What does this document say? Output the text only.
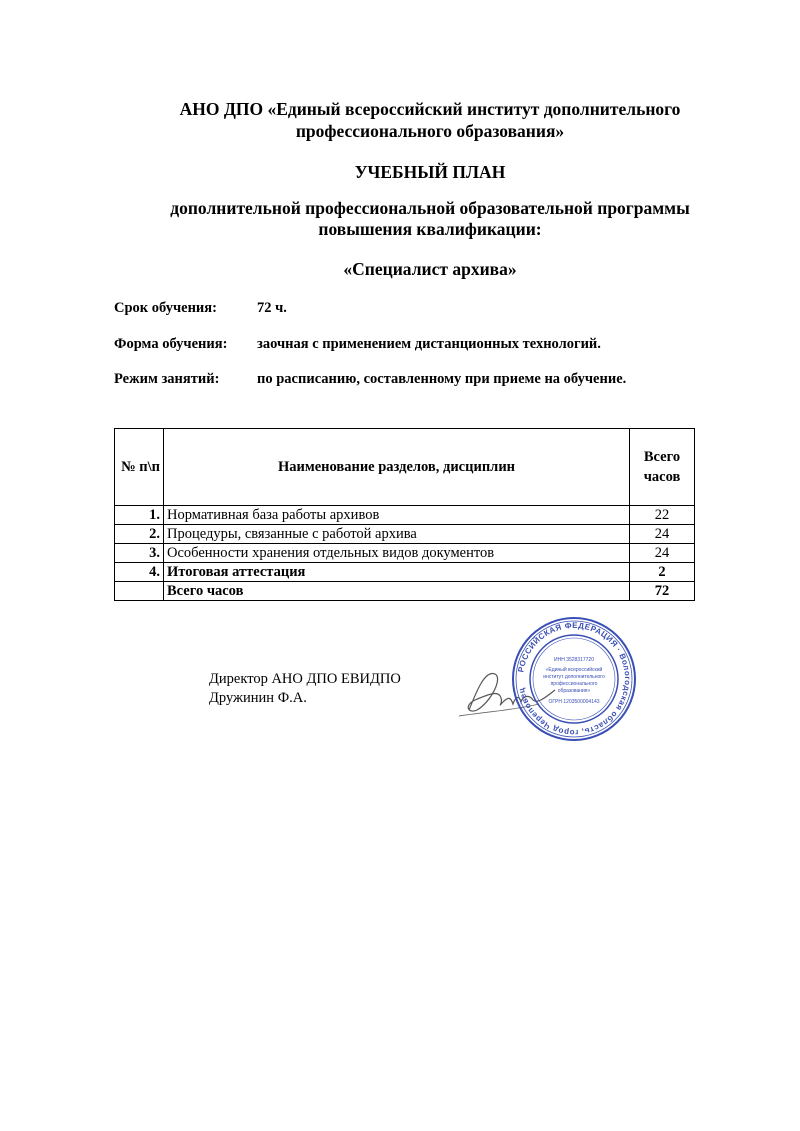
АНО ДПО «Единый всероссийский институт дополнительного
профессионального образования»
УЧЕБНЫЙ ПЛАН
дополнительной профессиональной образовательной программы
повышения квалификации:
«Специалист архива»
Срок обучения:	72 ч.
Форма обучения: заочная с применением дистанционных технологий.
Режим занятий:	по расписанию, составленному при приеме на обучение.
№ п\п	Наименование разделов, дисциплин	Всего
часов

1.	Нормативная база работы архивов	22
2.	Процедуры, связанные с работой архива	24
3.	Особенности хранения отдельных видов документов	24
4.	Итоговая аттестация	2
	Всего часов	72
Директор АНО ДПО ЕВИДПО
Дружинин Ф.А.
РОССИЙСКАЯ ФЕДЕРАЦИЯ · Вологодская область, город Череповец
ИНН 3528317720
«Единый всероссийский
институт дополнительного
профессионального
образования»
ОГРН 1203500004143
